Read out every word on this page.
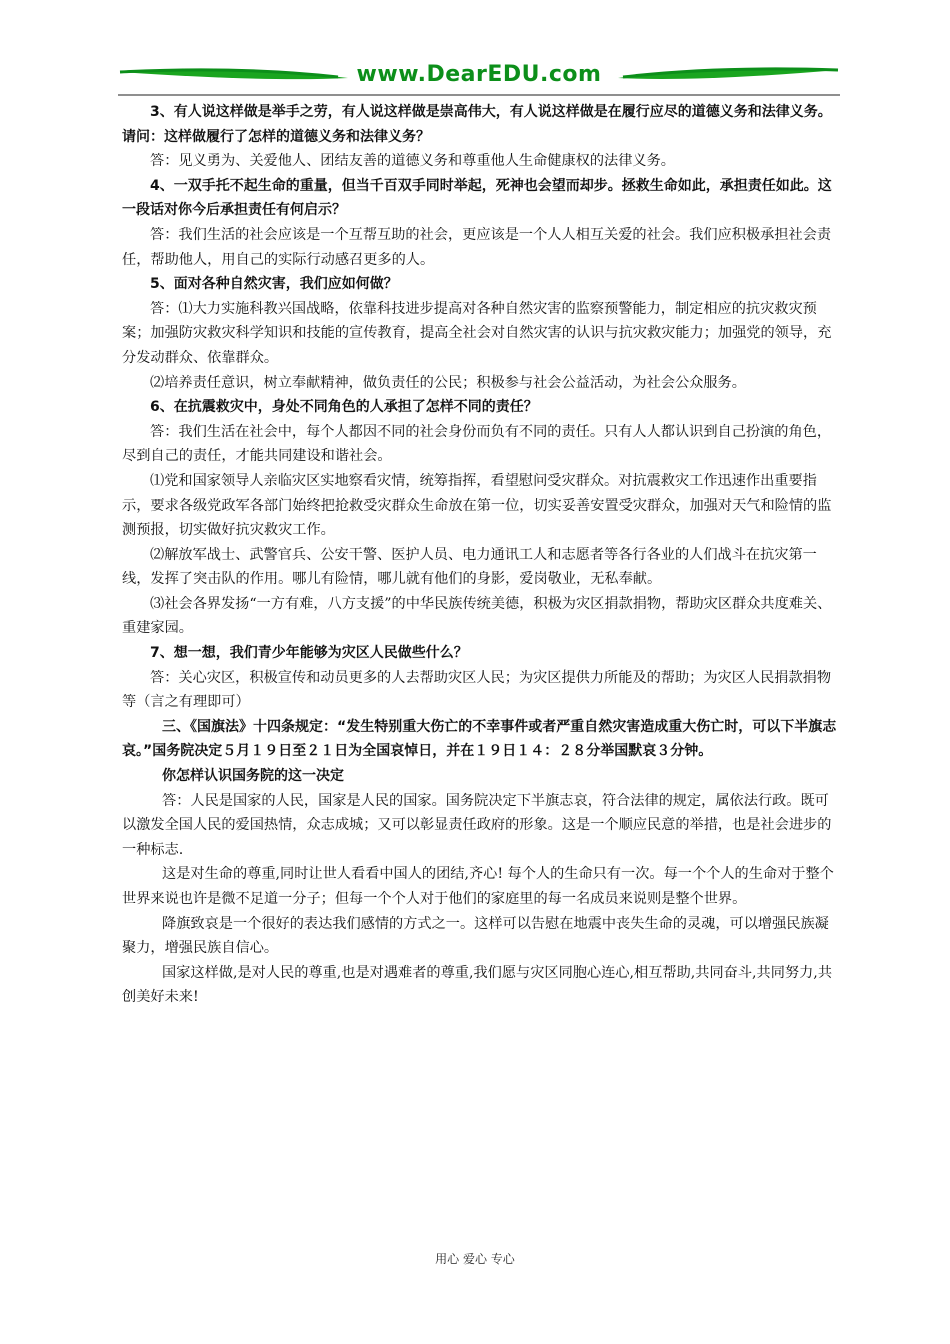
www.DearEDU.com

3、有人说这样做是举手之劳，有人说这样做是崇高伟大，有人说这样做是在履行应尽的道德义务和法律义务。请问：这样做履行了怎样的道德义务和法律义务？

答：见义勇为、关爱他人、团结友善的道德义务和尊重他人生命健康权的法律义务。

4、一双手托不起生命的重量，但当千百双手同时举起，死神也会望而却步。拯救生命如此，承担责任如此。这一段话对你今后承担责任有何启示？

答：我们生活的社会应该是一个互帮互助的社会，更应该是一个人人相互关爱的社会。我们应积极承担社会责任，帮助他人，用自己的实际行动感召更多的人。

5、面对各种自然灾害，我们应如何做？

答：⑴大力实施科教兴国战略，依靠科技进步提高对各种自然灾害的监察预警能力，制定相应的抗灾救灾预案；加强防灾救灾科学知识和技能的宣传教育，提高全社会对自然灾害的认识与抗灾救灾能力；加强党的领导，充分发动群众、依靠群众。

⑵培养责任意识，树立奉献精神，做负责任的公民；积极参与社会公益活动，为社会公众服务。

6、在抗震救灾中，身处不同角色的人承担了怎样不同的责任？

答：我们生活在社会中，每个人都因不同的社会身份而负有不同的责任。只有人人都认识到自己扮演的角色，尽到自己的责任，才能共同建设和谐社会。

⑴党和国家领导人亲临灾区实地察看灾情，统筹指挥，看望慰问受灾群众。对抗震救灾工作迅速作出重要指示，要求各级党政军各部门始终把抢救受灾群众生命放在第一位，切实妥善安置受灾群众，加强对天气和险情的监测预报，切实做好抗灾救灾工作。

⑵解放军战士、武警官兵、公安干警、医护人员、电力通讯工人和志愿者等各行各业的人们战斗在抗灾第一线，发挥了突击队的作用。哪儿有险情，哪儿就有他们的身影，爱岗敬业，无私奉献。

⑶社会各界发扬“一方有难，八方支援”的中华民族传统美德，积极为灾区捐款捐物，帮助灾区群众共度难关、重建家园。

7、想一想，我们青少年能够为灾区人民做些什么？

答：关心灾区，积极宣传和动员更多的人去帮助灾区人民；为灾区提供力所能及的帮助；为灾区人民捐款捐物等（言之有理即可）

三、《国旗法》十四条规定：“发生特别重大伤亡的不幸事件或者严重自然灾害造成重大伤亡时，可以下半旗志哀。”国务院决定５月１９日至２１日为全国哀悼日，并在１９日１４：２８分举国默哀３分钟。

你怎样认识国务院的这一决定

答：人民是国家的人民，国家是人民的国家。国务院决定下半旗志哀，符合法律的规定，属依法行政。既可以激发全国人民的爱国热情，众志成城；又可以彰显责任政府的形象。这是一个顺应民意的举措，也是社会进步的一种标志.

这是对生命的尊重,同时让世人看看中国人的团结,齐心! 每个人的生命只有一次。每一个个人的生命对于整个世界来说也许是微不足道一分子；但每一个个人对于他们的家庭里的每一名成员来说则是整个世界。

降旗致哀是一个很好的表达我们感情的方式之一。这样可以告慰在地震中丧失生命的灵魂，可以增强民族凝聚力，增强民族自信心。

国家这样做,是对人民的尊重,也是对遇难者的尊重,我们愿与灾区同胞心连心,相互帮助,共同奋斗,共同努力,共创美好未来!

用心 爱心 专心
